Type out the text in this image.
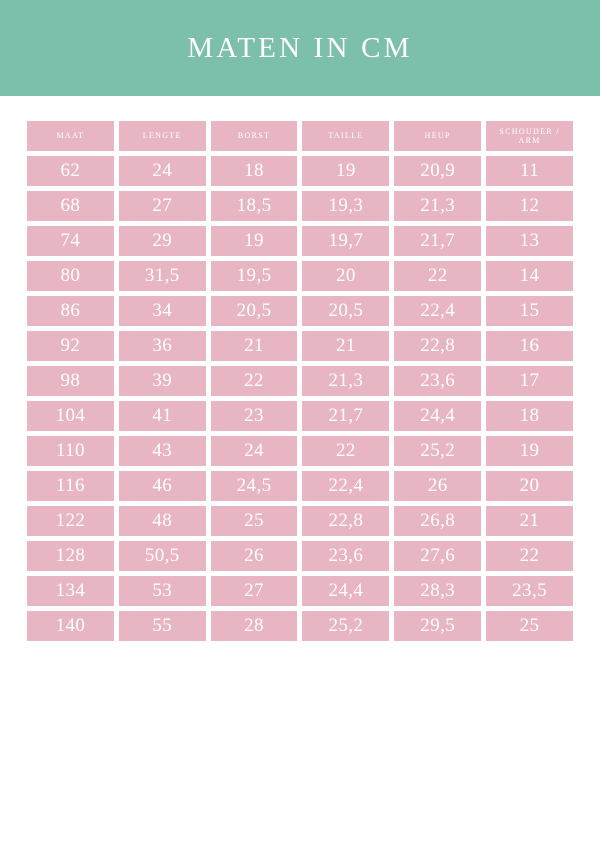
MATEN IN CM
MAAT	LENGTE	BORST	TAILLE	HEUP	SCHOUDER / ARM
62	24	18	19	20,9	11
68	27	18,5	19,3	21,3	12
74	29	19	19,7	21,7	13
80	31,5	19,5	20	22	14
86	34	20,5	20,5	22,4	15
92	36	21	21	22,8	16
98	39	22	21,3	23,6	17
104	41	23	21,7	24,4	18
110	43	24	22	25,2	19
116	46	24,5	22,4	26	20
122	48	25	22,8	26,8	21
128	50,5	26	23,6	27,6	22
134	53	27	24,4	28,3	23,5
140	55	28	25,2	29,5	25
